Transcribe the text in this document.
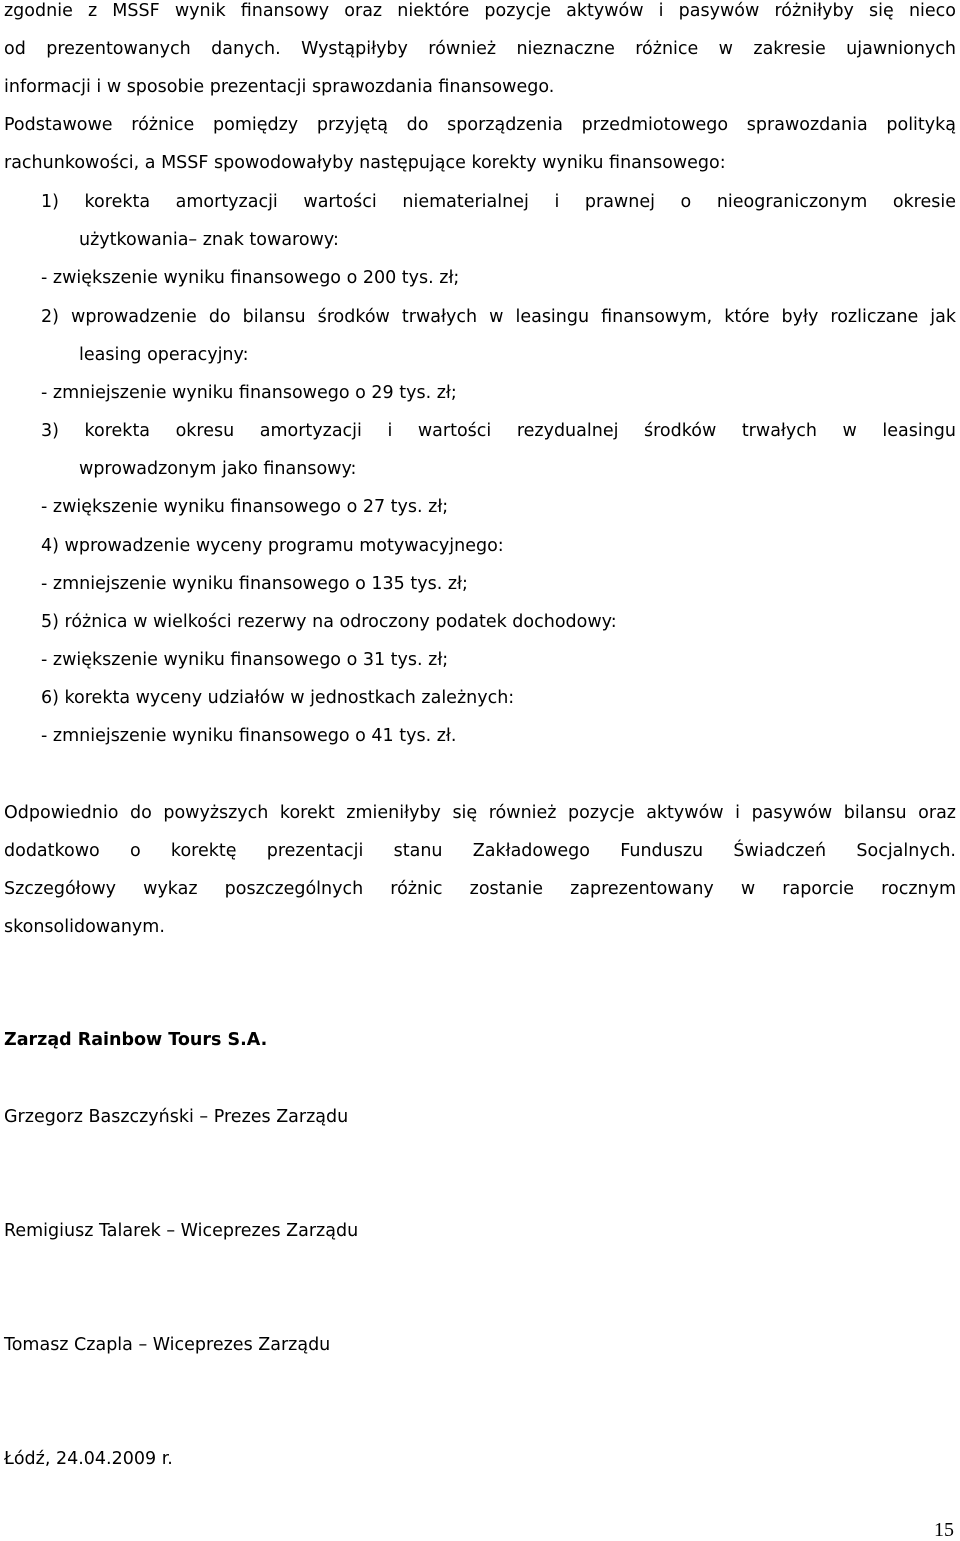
zgodnie z MSSF wynik finansowy oraz niektóre pozycje aktywów i pasywów różniłyby się nieco
od prezentowanych danych. Wystąpiłyby również nieznaczne różnice w zakresie ujawnionych
informacji i w sposobie prezentacji sprawozdania finansowego.
Podstawowe różnice pomiędzy przyjętą do sporządzenia przedmiotowego sprawozdania polityką
rachunkowości, a MSSF spowodowałyby następujące korekty wyniku finansowego:
1) korekta amortyzacji wartości niematerialnej i prawnej o nieograniczonym okresie
użytkowania– znak towarowy:
- zwiększenie wyniku finansowego o 200 tys. zł;
2) wprowadzenie do bilansu środków trwałych w leasingu finansowym, które były rozliczane jak
leasing operacyjny:
- zmniejszenie wyniku finansowego o 29 tys. zł;
3) korekta okresu amortyzacji i wartości rezydualnej środków trwałych w leasingu
wprowadzonym jako finansowy:
- zwiększenie wyniku finansowego o 27 tys. zł;
4) wprowadzenie wyceny programu motywacyjnego:
- zmniejszenie wyniku finansowego o 135 tys. zł;
5) różnica w wielkości rezerwy na odroczony podatek dochodowy:
- zwiększenie wyniku finansowego o 31 tys. zł;
6) korekta wyceny udziałów w jednostkach zależnych:
- zmniejszenie wyniku finansowego o 41 tys. zł.
Odpowiednio do powyższych korekt zmieniłyby się również pozycje aktywów i pasywów bilansu oraz
dodatkowo o korektę prezentacji stanu Zakładowego Funduszu Świadczeń Socjalnych.
Szczegółowy wykaz poszczególnych różnic zostanie zaprezentowany w raporcie rocznym
skonsolidowanym.
Zarząd Rainbow Tours S.A.
Grzegorz Baszczyński – Prezes Zarządu
Remigiusz Talarek – Wiceprezes Zarządu
Tomasz Czapla – Wiceprezes Zarządu
Łódź, 24.04.2009 r.
15
